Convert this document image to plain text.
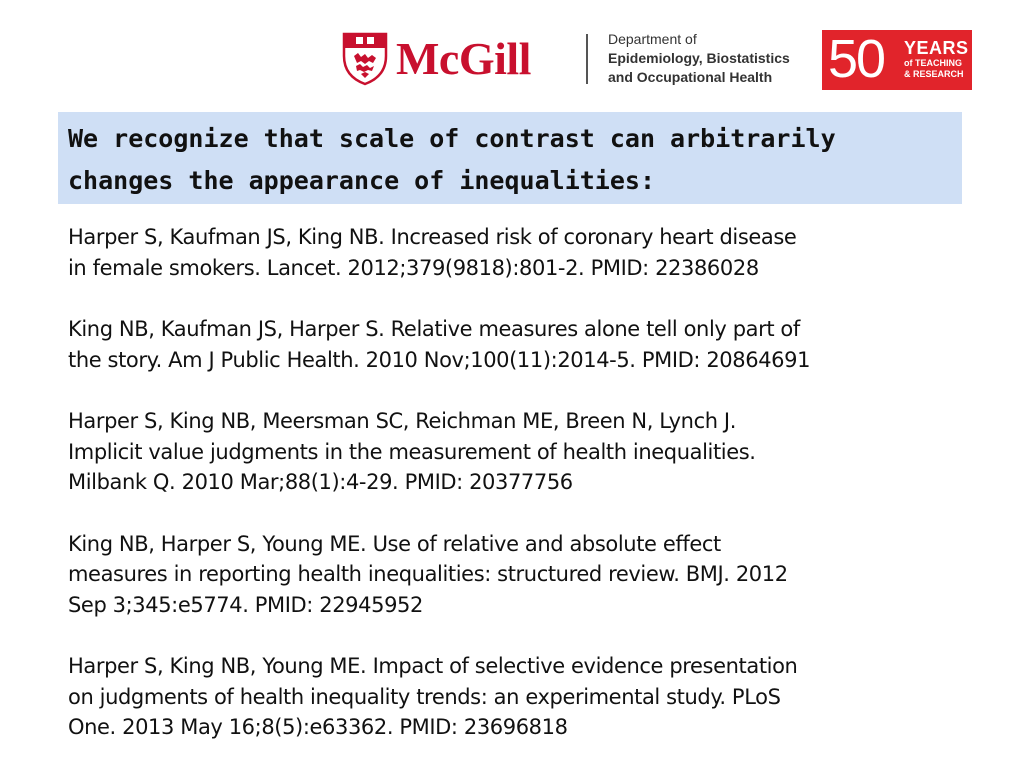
McGill	Department of
Epidemiology, Biostatistics
and Occupational Health	50 YEARS
of TEACHING
& RESEARCH

We recognize that scale of contrast can arbitrarily
changes the appearance of inequalities:

Harper S, Kaufman JS, King NB. Increased risk of coronary heart disease
in female smokers. Lancet. 2012;379(9818):801-2. PMID: 22386028

King NB, Kaufman JS, Harper S. Relative measures alone tell only part of
the story. Am J Public Health. 2010 Nov;100(11):2014-5. PMID: 20864691

Harper S, King NB, Meersman SC, Reichman ME, Breen N, Lynch J.
Implicit value judgments in the measurement of health inequalities.
Milbank Q. 2010 Mar;88(1):4-29. PMID: 20377756

King NB, Harper S, Young ME. Use of relative and absolute effect
measures in reporting health inequalities: structured review. BMJ. 2012
Sep 3;345:e5774. PMID: 22945952

Harper S, King NB, Young ME. Impact of selective evidence presentation
on judgments of health inequality trends: an experimental study. PLoS
One. 2013 May 16;8(5):e63362. PMID: 23696818
